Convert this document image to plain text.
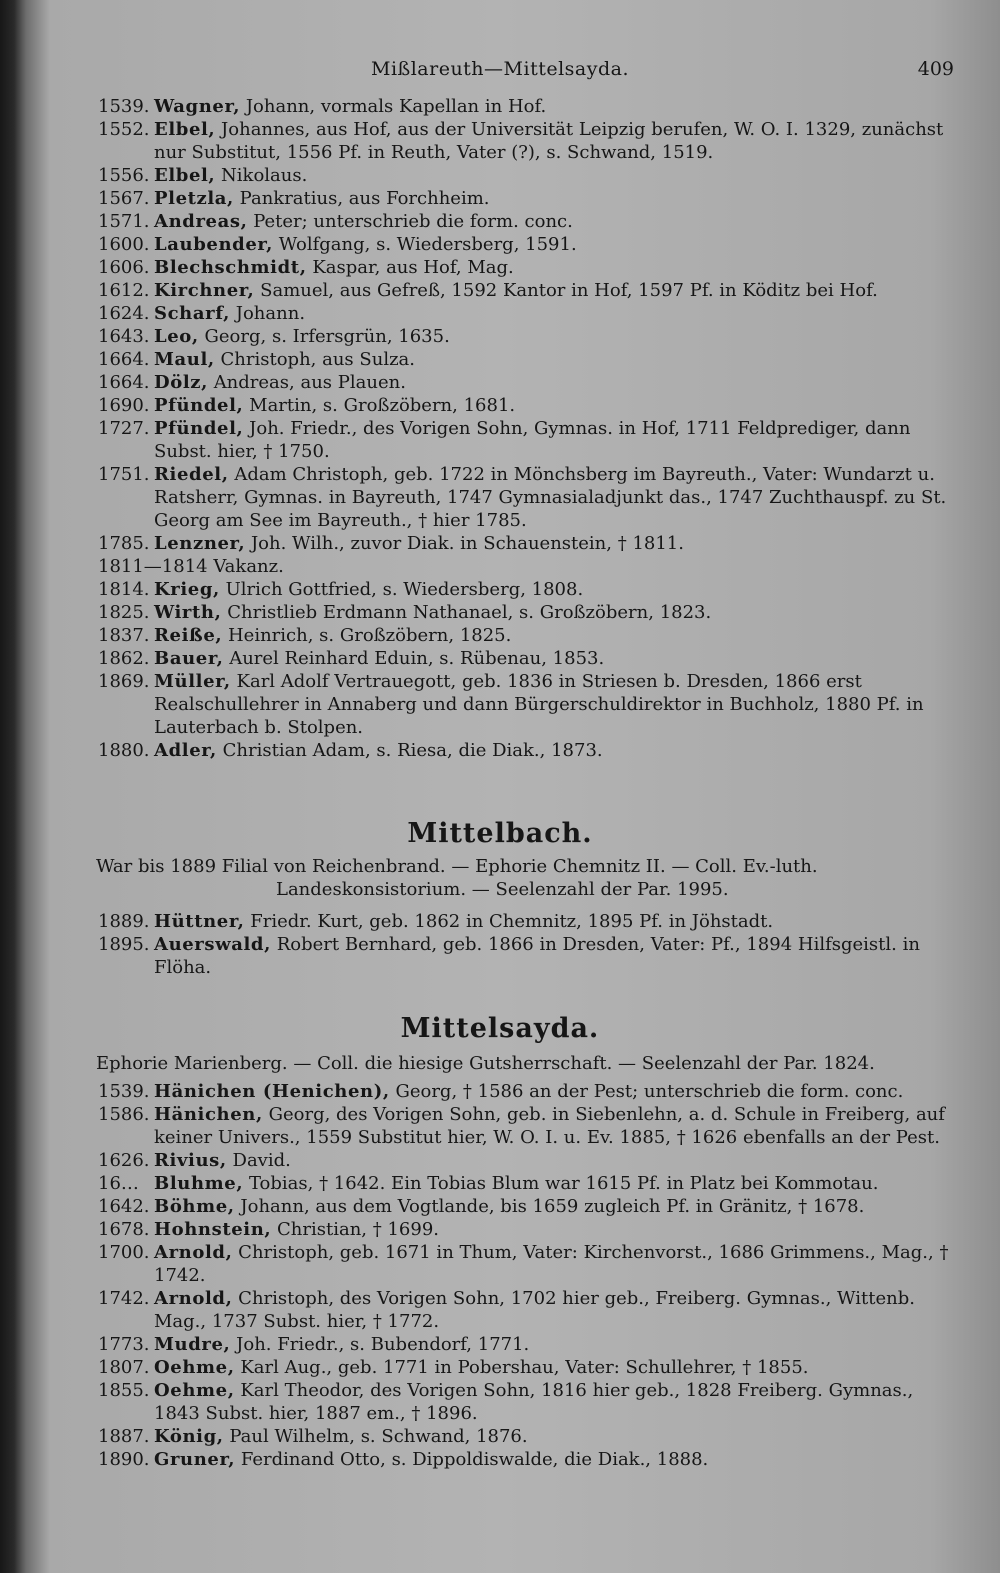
Mißlareuth—Mittelsayda.	409
1539. Wagner, Johann, vormals Kapellan in Hof.
1552. Elbel, Johannes, aus Hof, aus der Universität Leipzig berufen, W. O. I. 1329, zunächst nur Substitut, 1556 Pf. in Reuth, Vater (?), s. Schwand, 1519.
1556. Elbel, Nikolaus.
1567. Pletzla, Pankratius, aus Forchheim.
1571. Andreas, Peter; unterschrieb die form. conc.
1600. Laubender, Wolfgang, s. Wiedersberg, 1591.
1606. Blechschmidt, Kaspar, aus Hof, Mag.
1612. Kirchner, Samuel, aus Gefreß, 1592 Kantor in Hof, 1597 Pf. in Köditz bei Hof.
1624. Scharf, Johann.
1643. Leo, Georg, s. Irfersgrün, 1635.
1664. Maul, Christoph, aus Sulza.
1664. Dölz, Andreas, aus Plauen.
1690. Pfündel, Martin, s. Großzöbern, 1681.
1727. Pfündel, Joh. Friedr., des Vorigen Sohn, Gymnas. in Hof, 1711 Feldprediger, dann Subst. hier, † 1750.
1751. Riedel, Adam Christoph, geb. 1722 in Mönchsberg im Bayreuth., Vater: Wundarzt u. Ratsherr, Gymnas. in Bayreuth, 1747 Gymnasialadjunkt das., 1747 Zuchthauspf. zu St. Georg am See im Bayreuth., † hier 1785.
1785. Lenzner, Joh. Wilh., zuvor Diak. in Schauenstein, † 1811.
1811—1814 Vakanz.
1814. Krieg, Ulrich Gottfried, s. Wiedersberg, 1808.
1825. Wirth, Christlieb Erdmann Nathanael, s. Großzöbern, 1823.
1837. Reiße, Heinrich, s. Großzöbern, 1825.
1862. Bauer, Aurel Reinhard Eduin, s. Rübenau, 1853.
1869. Müller, Karl Adolf Vertrauegott, geb. 1836 in Striesen b. Dresden, 1866 erst Realschullehrer in Annaberg und dann Bürgerschuldirektor in Buchholz, 1880 Pf. in Lauterbach b. Stolpen.
1880. Adler, Christian Adam, s. Riesa, die Diak., 1873.
Mittelbach.
War bis 1889 Filial von Reichenbrand. — Ephorie Chemnitz II. — Coll. Ev.-luth.
Landeskonsistorium. — Seelenzahl der Par. 1995.
1889. Hüttner, Friedr. Kurt, geb. 1862 in Chemnitz, 1895 Pf. in Jöhstadt.
1895. Auerswald, Robert Bernhard, geb. 1866 in Dresden, Vater: Pf., 1894 Hilfsgeistl. in Flöha.
Mittelsayda.
Ephorie Marienberg. — Coll. die hiesige Gutsherrschaft. — Seelenzahl der Par. 1824.
1539. Hänichen (Henichen), Georg, † 1586 an der Pest; unterschrieb die form. conc.
1586. Hänichen, Georg, des Vorigen Sohn, geb. in Siebenlehn, a. d. Schule in Freiberg, auf keiner Univers., 1559 Substitut hier, W. O. I. u. Ev. 1885, † 1626 ebenfalls an der Pest.
1626. Rivius, David.
16… Bluhme, Tobias, † 1642. Ein Tobias Blum war 1615 Pf. in Platz bei Kommotau.
1642. Böhme, Johann, aus dem Vogtlande, bis 1659 zugleich Pf. in Gränitz, † 1678.
1678. Hohnstein, Christian, † 1699.
1700. Arnold, Christoph, geb. 1671 in Thum, Vater: Kirchenvorst., 1686 Grimmens., Mag., † 1742.
1742. Arnold, Christoph, des Vorigen Sohn, 1702 hier geb., Freiberg. Gymnas., Wittenb. Mag., 1737 Subst. hier, † 1772.
1773. Mudre, Joh. Friedr., s. Bubendorf, 1771.
1807. Oehme, Karl Aug., geb. 1771 in Pobershau, Vater: Schullehrer, † 1855.
1855. Oehme, Karl Theodor, des Vorigen Sohn, 1816 hier geb., 1828 Freiberg. Gymnas., 1843 Subst. hier, 1887 em., † 1896.
1887. König, Paul Wilhelm, s. Schwand, 1876.
1890. Gruner, Ferdinand Otto, s. Dippoldiswalde, die Diak., 1888.
